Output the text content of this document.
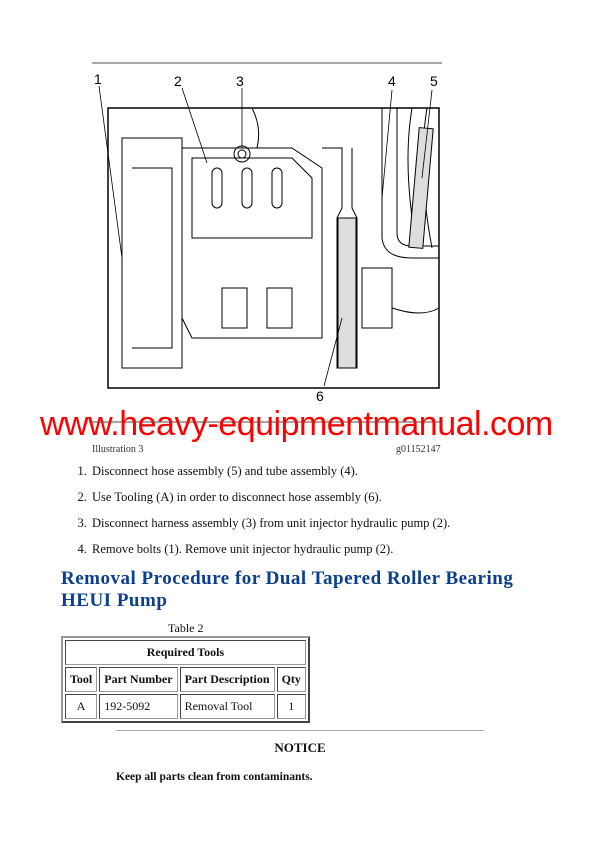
1	2	3	4 5
6
www.heavy-equipmentmanual.com
Illustration 3	g01152147
1. Disconnect hose assembly (5) and tube assembly (4).
2. Use Tooling (A) in order to disconnect hose assembly (6).
3. Disconnect harness assembly (3) from unit injector hydraulic pump (2).
4. Remove bolts (1). Remove unit injector hydraulic pump (2).
Removal Procedure for Dual Tapered Roller Bearing HEUI Pump
Table 2
Required Tools			
Tool	Part Number	Part Description	Qty
A	192-5092	Removal Tool	1
NOTICE
Keep all parts clean from contaminants.
